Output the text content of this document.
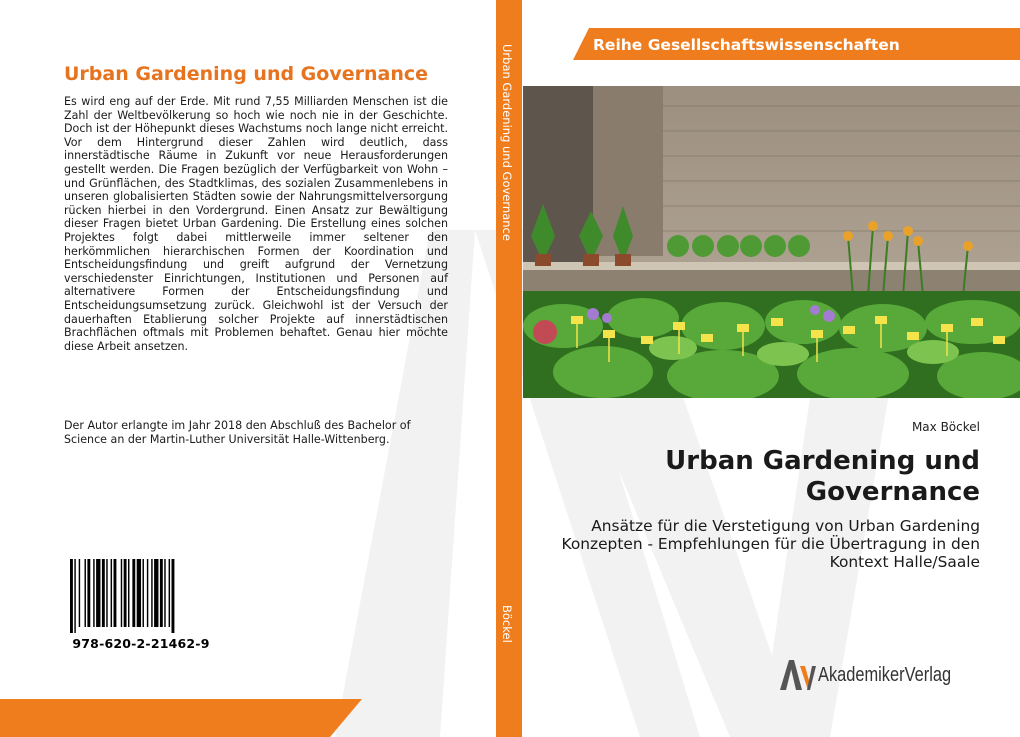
Urban Gardening und Governance

Es wird eng auf der Erde. Mit rund 7,55 Milliarden Menschen ist die Zahl der Weltbevölkerung so hoch wie noch nie in der Geschichte. Doch ist der Höhepunkt dieses Wachstums noch lange nicht erreicht. Vor dem Hintergrund dieser Zahlen wird deutlich, dass innerstädtische Räume in Zukunft vor neue Herausforderungen gestellt werden. Die Fragen bezüglich der Verfügbarkeit von Wohn – und Grünflächen, des Stadtklimas, des sozialen Zusammenlebens in unseren globalisierten Städten sowie der Nahrungsmittelversorgung rücken hierbei in den Vordergrund. Einen Ansatz zur Bewältigung dieser Fragen bietet Urban Gardening. Die Erstellung eines solchen Projektes folgt dabei mittlerweile immer seltener den herkömmlichen hierarchischen Formen der Koordination und Entscheidungsfindung und greift aufgrund der Vernetzung verschiedenster Einrichtungen, Institutionen und Personen auf alternativere Formen der Entscheidungsfindung und Entscheidungsumsetzung zurück. Gleichwohl ist der Versuch der dauerhaften Etablierung solcher Projekte auf innerstädtischen Brachflächen oftmals mit Problemen behaftet. Genau hier möchte diese Arbeit ansetzen.

Der Autor erlangte im Jahr 2018 den Abschluß des Bachelor of Science an der Martin-Luther Universität Halle-Wittenberg.

978-620-2-21462-9
Urban Gardening und Governance
Böckel
Reihe Gesellschaftswissenschaften
Max Böckel
Urban Gardening und Governance

Ansätze für die Verstetigung von Urban Gardening Konzepten - Empfehlungen für die Übertragung in den Kontext Halle/Saale

AkademikerVerlag
